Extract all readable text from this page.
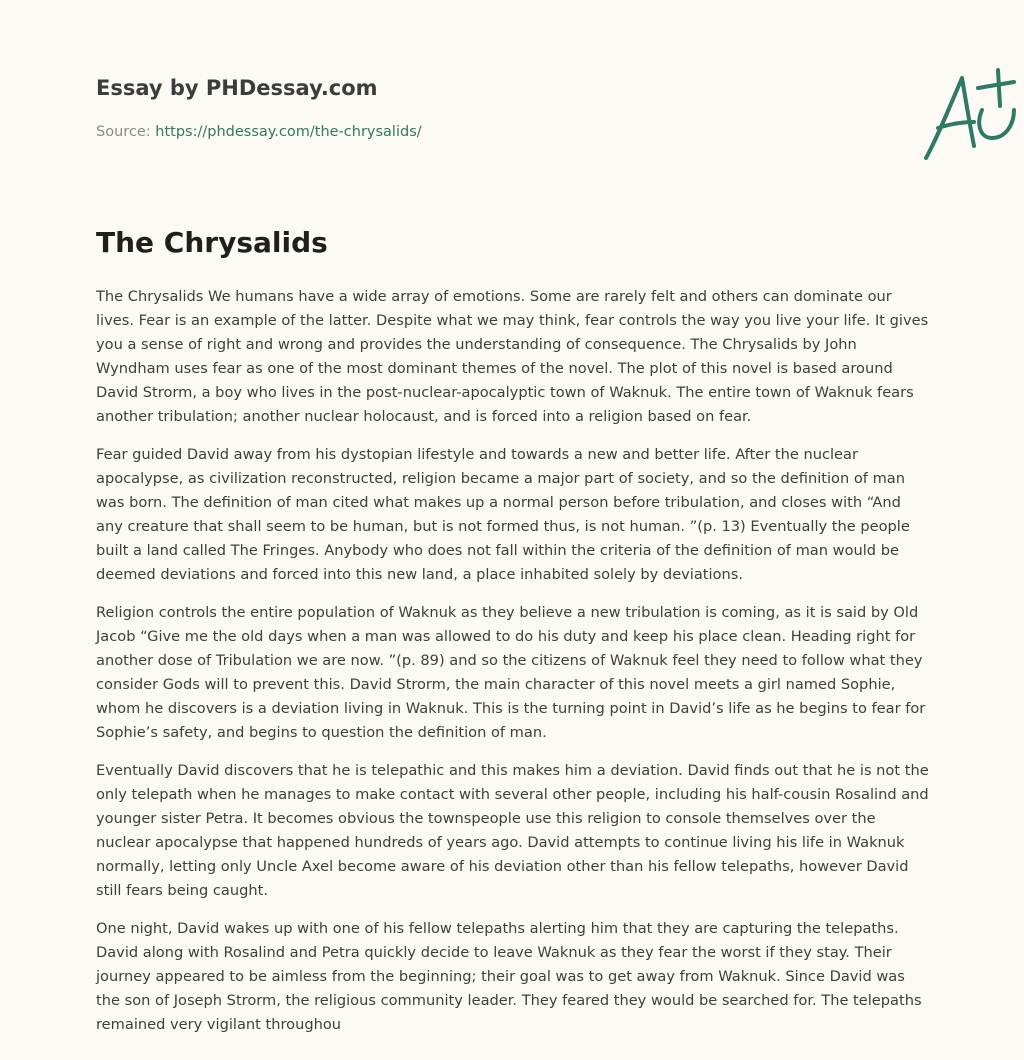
Essay by PHDessay.com
Source: https://phdessay.com/the-chrysalids/
The Chrysalids

The Chrysalids We humans have a wide array of emotions. Some are rarely felt and others can dominate our lives. Fear is an example of the latter. Despite what we may think, fear controls the way you live your life. It gives you a sense of right and wrong and provides the understanding of consequence. The Chrysalids by John Wyndham uses fear as one of the most dominant themes of the novel. The plot of this novel is based around David Strorm, a boy who lives in the post-nuclear-apocalyptic town of Waknuk. The entire town of Waknuk fears another tribulation; another nuclear holocaust, and is forced into a religion based on fear.

Fear guided David away from his dystopian lifestyle and towards a new and better life. After the nuclear apocalypse, as civilization reconstructed, religion became a major part of society, and so the definition of man was born. The definition of man cited what makes up a normal person before tribulation, and closes with “And any creature that shall seem to be human, but is not formed thus, is not human. ”(p. 13) Eventually the people built a land called The Fringes. Anybody who does not fall within the criteria of the definition of man would be deemed deviations and forced into this new land, a place inhabited solely by deviations.

Religion controls the entire population of Waknuk as they believe a new tribulation is coming, as it is said by Old Jacob “Give me the old days when a man was allowed to do his duty and keep his place clean. Heading right for another dose of Tribulation we are now. ”(p. 89) and so the citizens of Waknuk feel they need to follow what they consider Gods will to prevent this. David Strorm, the main character of this novel meets a girl named Sophie, whom he discovers is a deviation living in Waknuk. This is the turning point in David’s life as he begins to fear for Sophie’s safety, and begins to question the definition of man.

Eventually David discovers that he is telepathic and this makes him a deviation. David finds out that he is not the only telepath when he manages to make contact with several other people, including his half-cousin Rosalind and younger sister Petra. It becomes obvious the townspeople use this religion to console themselves over the nuclear apocalypse that happened hundreds of years ago. David attempts to continue living his life in Waknuk normally, letting only Uncle Axel become aware of his deviation other than his fellow telepaths, however David still fears being caught.

One night, David wakes up with one of his fellow telepaths alerting him that they are capturing the telepaths. David along with Rosalind and Petra quickly decide to leave Waknuk as they fear the worst if they stay. Their journey appeared to be aimless from the beginning; their goal was to get away from Waknuk. Since David was the son of Joseph Strorm, the religious community leader. They feared they would be searched for. The telepaths remained very vigilant throughou
